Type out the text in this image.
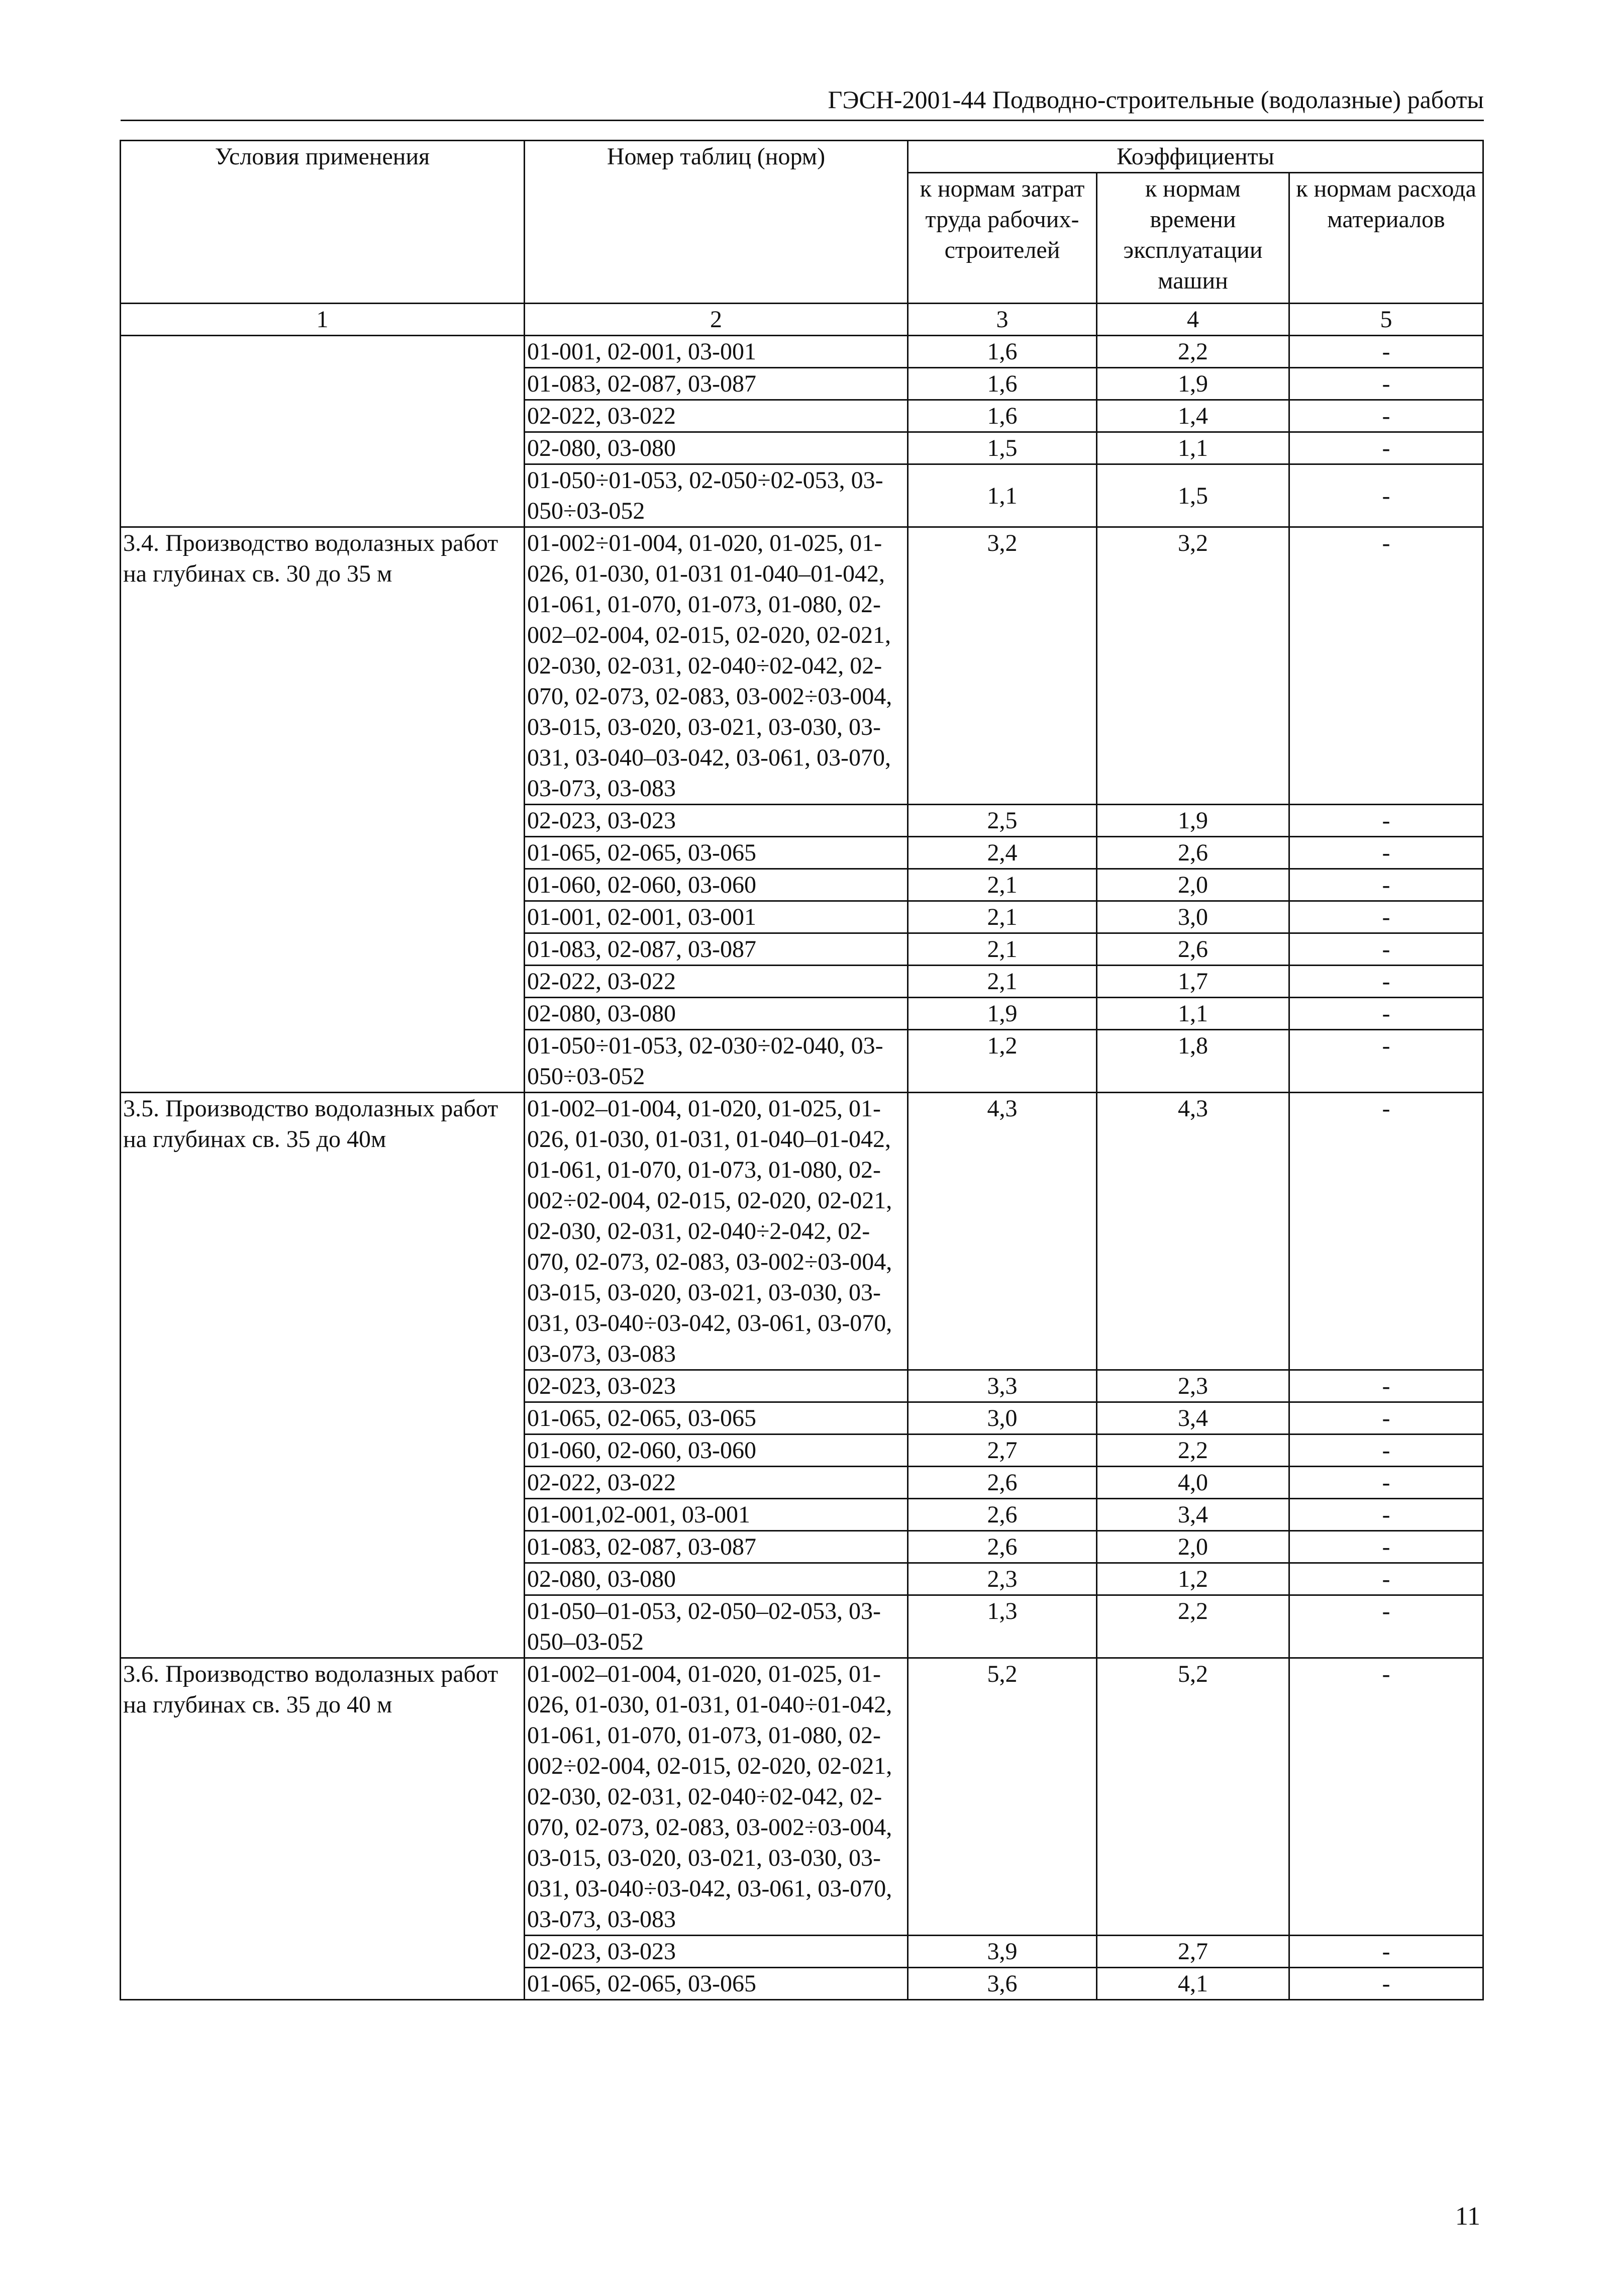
ГЭСН-2001-44 Подводно-строительные (водолазные) работы
Условия применения	Номер таблиц (норм)	Коэффициенты		
		к нормам затрат труда рабочих-строителей	к нормам времени эксплуатации машин	к нормам расхода материалов
1	2	3	4	5
	01-001, 02-001, 03-001	1,6	2,2	-
	01-083, 02-087, 03-087	1,6	1,9	-
	02-022, 03-022	1,6	1,4	-
	02-080, 03-080	1,5	1,1	-
	01-050÷01-053, 02-050÷02-053, 03-050÷03-052	1,1	1,5	-
3.4. Производство водолазных работ на глубинах св. 30 до 35 м	01-002÷01-004, 01-020, 01-025, 01-026, 01-030, 01-031 01-040–01-042, 01-061, 01-070, 01-073, 01-080, 02-002–02-004, 02-015, 02-020, 02-021, 02-030, 02-031, 02-040÷02-042, 02-070, 02-073, 02-083, 03-002÷03-004, 03-015, 03-020, 03-021, 03-030, 03-031, 03-040–03-042, 03-061, 03-070, 03-073, 03-083	3,2	3,2	-
	02-023, 03-023	2,5	1,9	-
	01-065, 02-065, 03-065	2,4	2,6	-
	01-060, 02-060, 03-060	2,1	2,0	-
	01-001, 02-001, 03-001	2,1	3,0	-
	01-083, 02-087, 03-087	2,1	2,6	-
	02-022, 03-022	2,1	1,7	-
	02-080, 03-080	1,9	1,1	-
	01-050÷01-053, 02-030÷02-040, 03-050÷03-052	1,2	1,8	-
3.5. Производство водолазных работ на глубинах св. 35 до 40м	01-002–01-004, 01-020, 01-025, 01-026, 01-030, 01-031, 01-040–01-042, 01-061, 01-070, 01-073, 01-080, 02-002÷02-004, 02-015, 02-020, 02-021, 02-030, 02-031, 02-040÷2-042, 02-070, 02-073, 02-083, 03-002÷03-004, 03-015, 03-020, 03-021, 03-030, 03-031, 03-040÷03-042, 03-061, 03-070, 03-073, 03-083	4,3	4,3	-
	02-023, 03-023	3,3	2,3	-
	01-065, 02-065, 03-065	3,0	3,4	-
	01-060, 02-060, 03-060	2,7	2,2	-
	02-022, 03-022	2,6	4,0	-
	01-001,02-001, 03-001	2,6	3,4	-
	01-083, 02-087, 03-087	2,6	2,0	-
	02-080, 03-080	2,3	1,2	-
	01-050–01-053, 02-050–02-053, 03-050–03-052	1,3	2,2	-
3.6. Производство водолазных работ на глубинах св. 35 до 40 м	01-002–01-004, 01-020, 01-025, 01-026, 01-030, 01-031, 01-040÷01-042, 01-061, 01-070, 01-073, 01-080, 02-002÷02-004, 02-015, 02-020, 02-021, 02-030, 02-031, 02-040÷02-042, 02-070, 02-073, 02-083, 03-002÷03-004, 03-015, 03-020, 03-021, 03-030, 03-031, 03-040÷03-042, 03-061, 03-070, 03-073, 03-083	5,2	5,2	-
	02-023, 03-023	3,9	2,7	-
	01-065, 02-065, 03-065	3,6	4,1	-
11
